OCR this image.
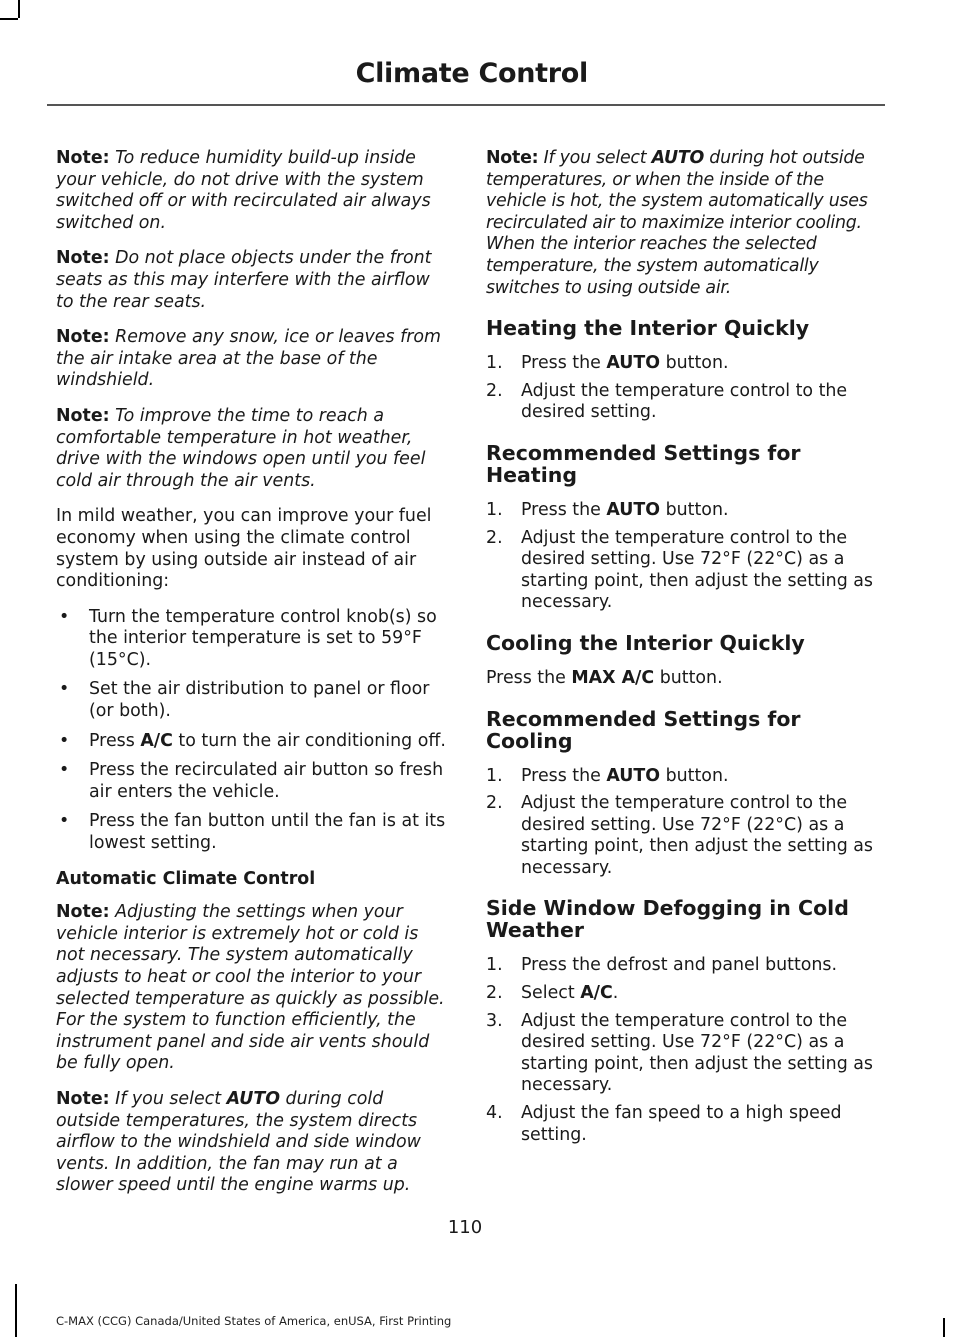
Climate Control

Note: To reduce humidity build-up inside your vehicle, do not drive with the system switched off or with recirculated air always switched on.

Note: Do not place objects under the front seats as this may interfere with the airflow to the rear seats.

Note: Remove any snow, ice or leaves from the air intake area at the base of the windshield.

Note: To improve the time to reach a comfortable temperature in hot weather, drive with the windows open until you feel cold air through the air vents.

In mild weather, you can improve your fuel economy when using the climate control system by using outside air instead of air conditioning:

• Turn the temperature control knob(s) so the interior temperature is set to 59°F (15°C).
• Set the air distribution to panel or floor (or both).
• Press A/C to turn the air conditioning off.
• Press the recirculated air button so fresh air enters the vehicle.
• Press the fan button until the fan is at its lowest setting.
Automatic Climate Control

Note: Adjusting the settings when your vehicle interior is extremely hot or cold is not necessary. The system automatically adjusts to heat or cool the interior to your selected temperature as quickly as possible. For the system to function efficiently, the instrument panel and side air vents should be fully open.

Note: If you select AUTO during cold outside temperatures, the system directs airflow to the windshield and side window vents. In addition, the fan may run at a slower speed until the engine warms up.

Note: If you select AUTO during hot outside temperatures, or when the inside of the vehicle is hot, the system automatically uses recirculated air to maximize interior cooling. When the interior reaches the selected temperature, the system automatically switches to using outside air.

Heating the Interior Quickly
1. Press the AUTO button.
2. Adjust the temperature control to the desired setting.
Recommended Settings for Heating
1. Press the AUTO button.
2. Adjust the temperature control to the desired setting. Use 72°F (22°C) as a starting point, then adjust the setting as necessary.
Cooling the Interior Quickly

Press the MAX A/C button.

Recommended Settings for Cooling
1. Press the AUTO button.
2. Adjust the temperature control to the desired setting. Use 72°F (22°C) as a starting point, then adjust the setting as necessary.
Side Window Defogging in Cold Weather
1. Press the defrost and panel buttons.
2. Select A/C.
3. Adjust the temperature control to the desired setting. Use 72°F (22°C) as a starting point, then adjust the setting as necessary.
4. Adjust the fan speed to a high speed setting.
110
C-MAX (CCG) Canada/United States of America, enUSA, First Printing
